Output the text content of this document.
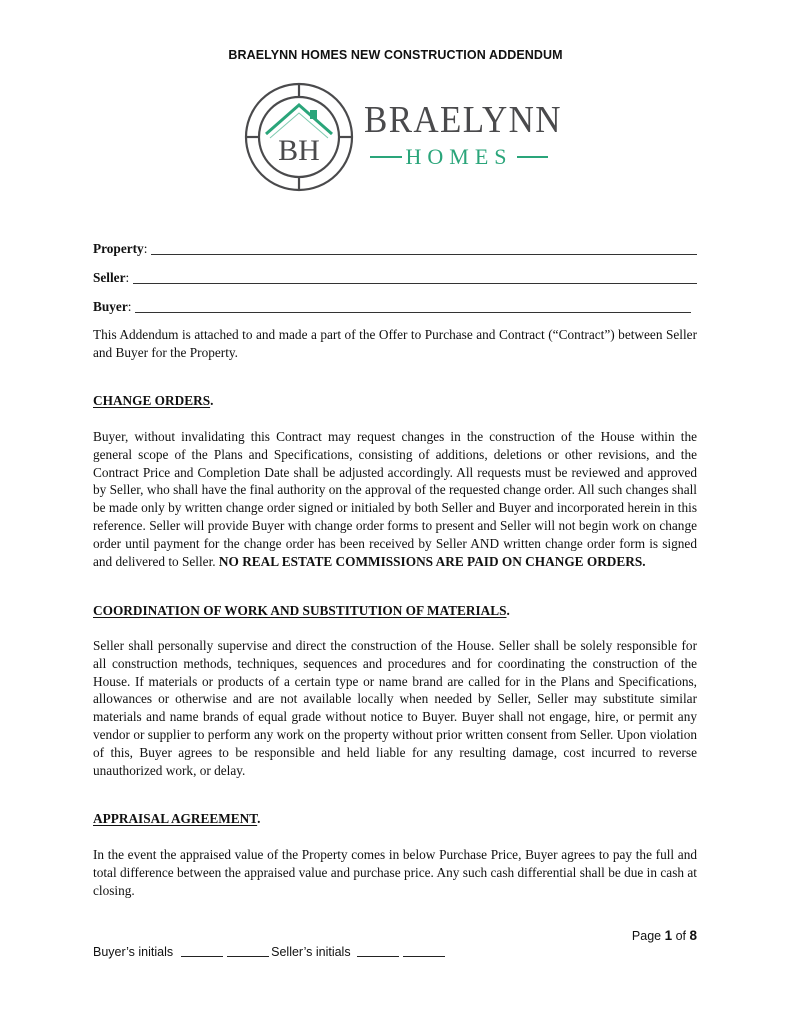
BRAELYNN HOMES NEW CONSTRUCTION ADDENDUM
BH
BRAELYNN
HOMES
Property :
Seller :
Buyer :
This Addendum is attached to and made a part of the Offer to Purchase and Contract (“Contract”) between Seller and Buyer for the Property.
CHANGE ORDERS.
Buyer, without invalidating this Contract may request changes in the construction of the House within the general scope of the Plans and Specifications, consisting of additions, deletions or other revisions, and the Contract Price and Completion Date shall be adjusted accordingly. All requests must be reviewed and approved by Seller, who shall have the final authority on the approval of the requested change order. All such changes shall be made only by written change order signed or initialed by both Seller and Buyer and incorporated herein in this reference. Seller will provide Buyer with change order forms to present and Seller will not begin work on change order until payment for the change order has been received by Seller AND written change order form is signed and delivered to Seller. NO REAL ESTATE COMMISSIONS ARE PAID ON CHANGE ORDERS.
COORDINATION OF WORK AND SUBSTITUTION OF MATERIALS.
Seller shall personally supervise and direct the construction of the House. Seller shall be solely responsible for all construction methods, techniques, sequences and procedures and for coordinating the construction of the House. If materials or products of a certain type or name brand are called for in the Plans and Specifications, allowances or otherwise and are not available locally when needed by Seller, Seller may substitute similar materials and name brands of equal grade without notice to Buyer. Buyer shall not engage, hire, or permit any vendor or supplier to perform any work on the property without prior written consent from Seller. Upon violation of this, Buyer agrees to be responsible and held liable for any resulting damage, cost incurred to reverse unauthorized work, or delay.
APPRAISAL AGREEMENT.
In the event the appraised value of the Property comes in below Purchase Price, Buyer agrees to pay the full and total difference between the appraised value and purchase price. Any such cash differential shall be due in cash at closing.
Page 1 of 8
Buyer’s initials	Seller’s initials
